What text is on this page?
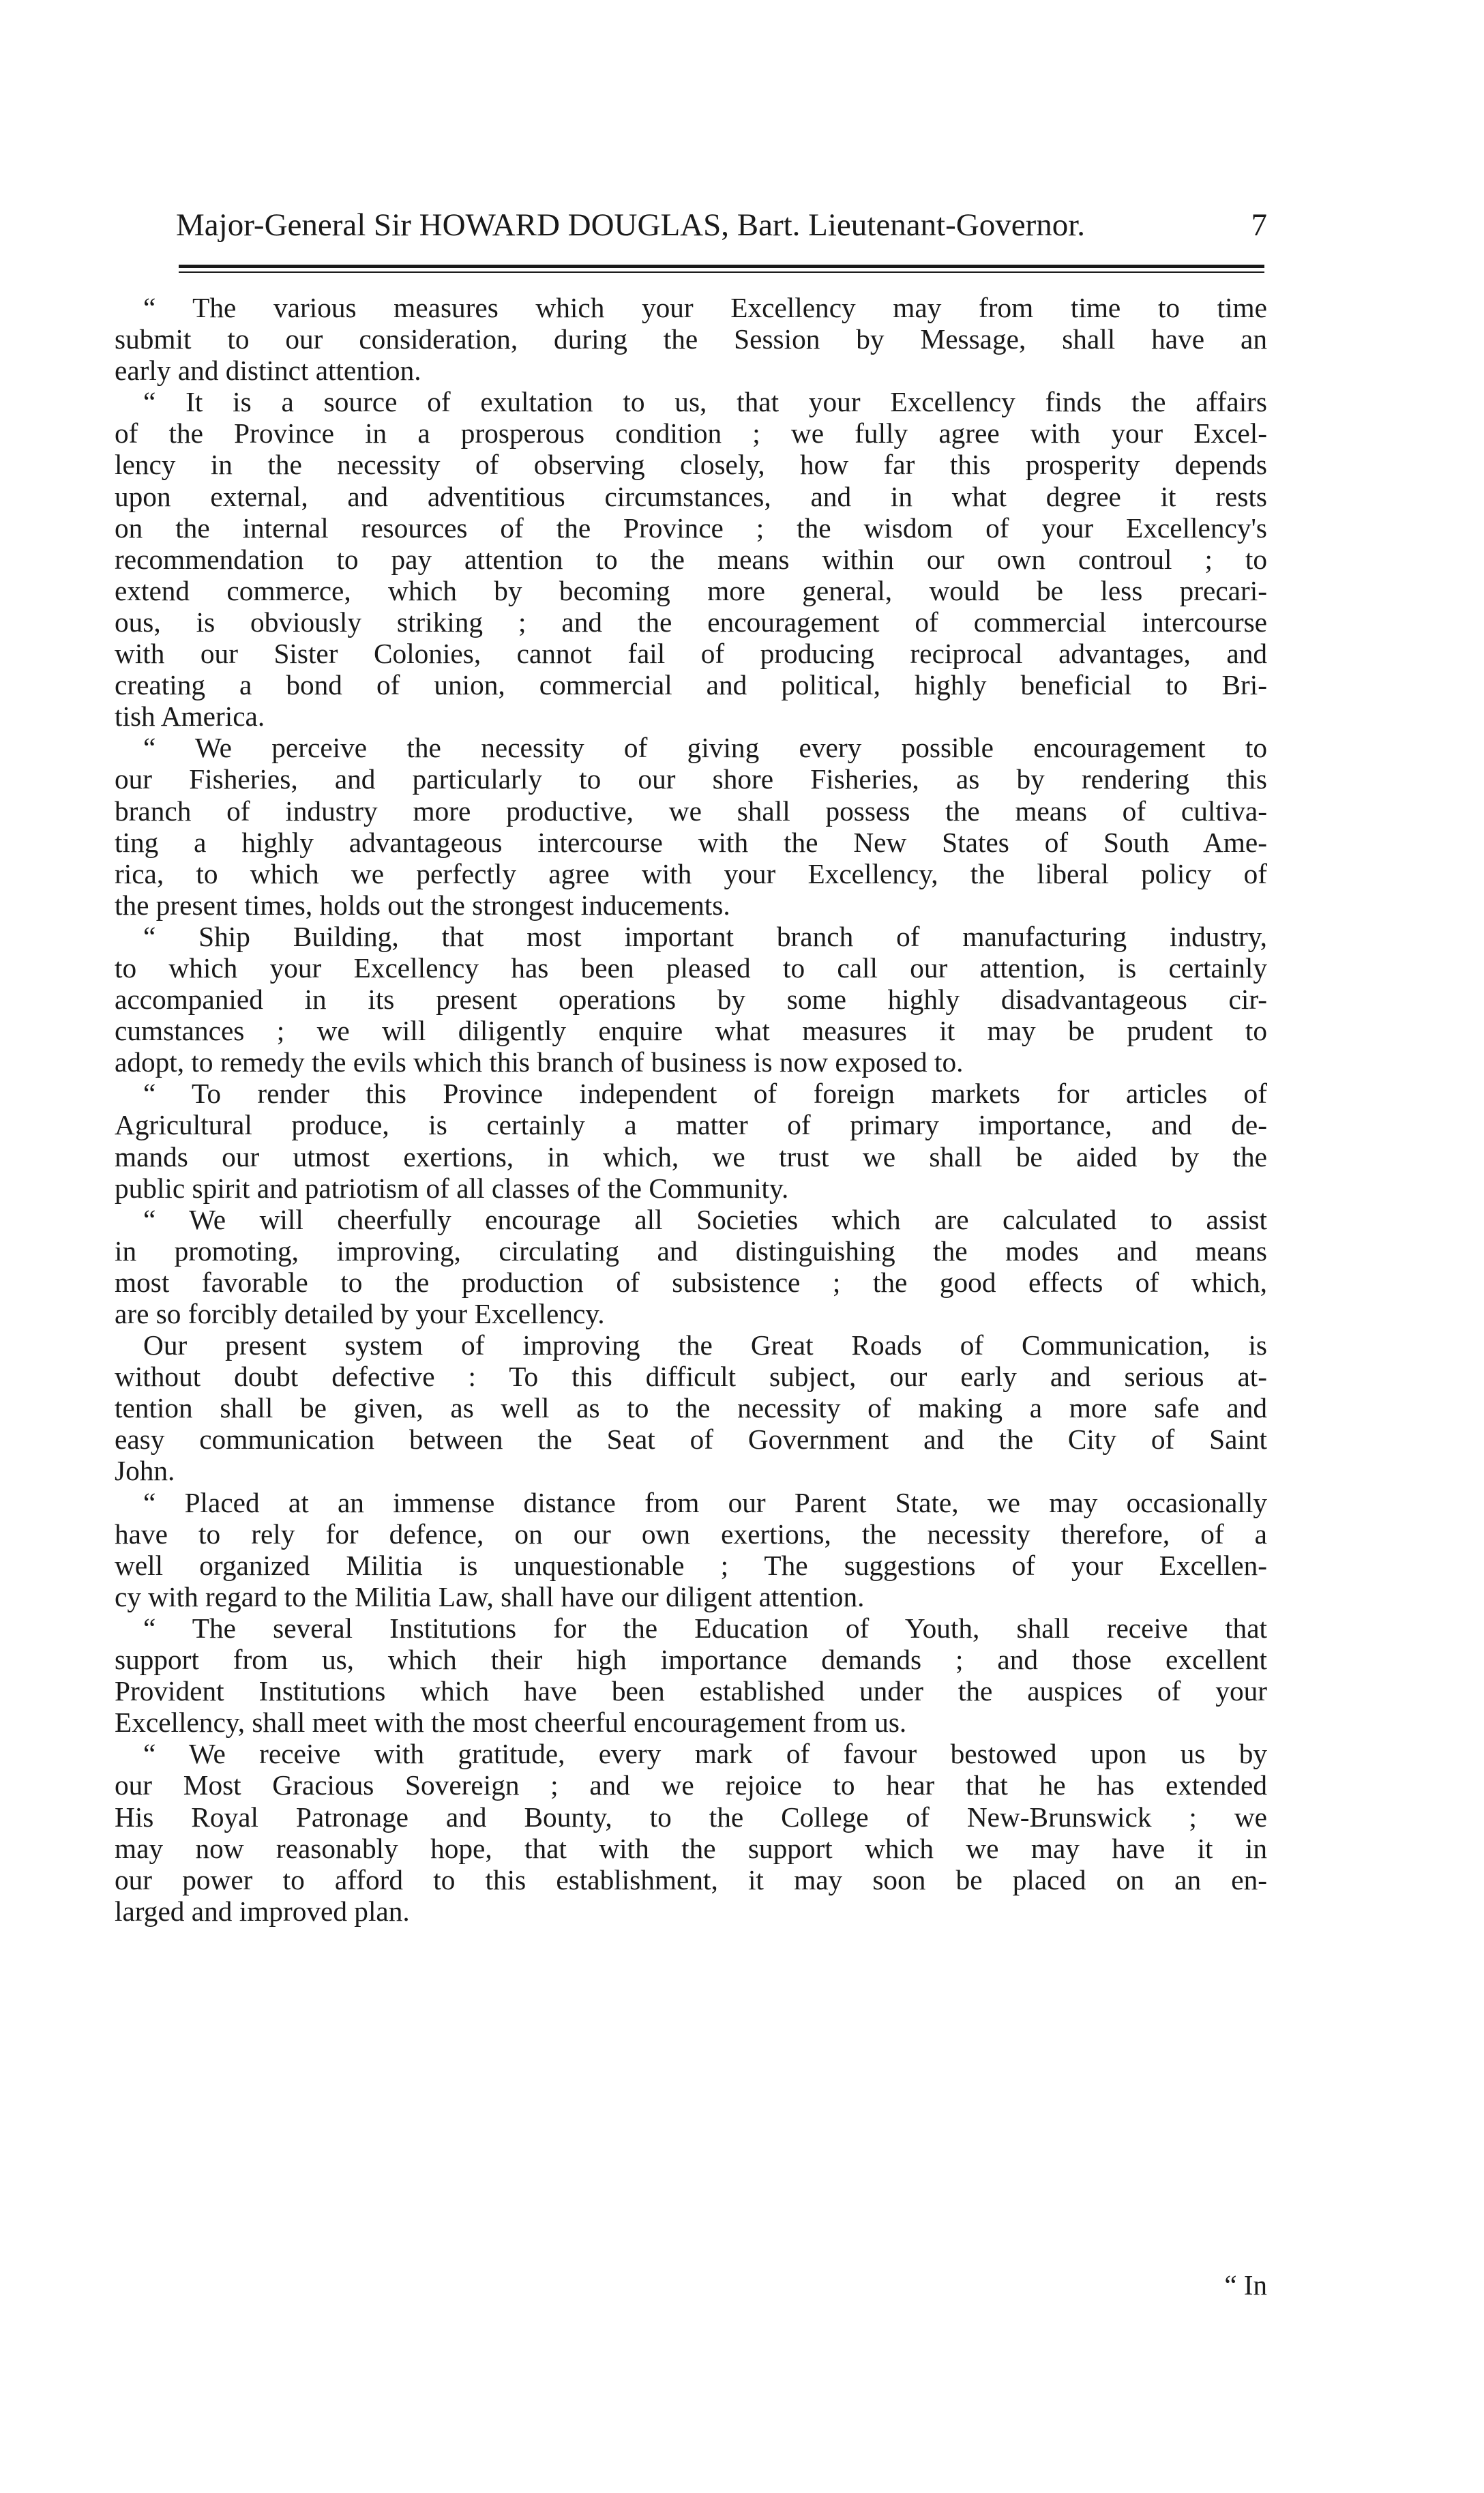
Major-General Sir HOWARD DOUGLAS, Bart. Lieutenant-Governor.	7
“ The various measures which your Excellency may from time to time
submit to our consideration, during the Session by Message, shall have an
early and distinct attention.
“ It is a source of exultation to us, that your Excellency finds the affairs
of the Province in a prosperous condition ; we fully agree with your Excel-
lency in the necessity of observing closely, how far this prosperity depends
upon external, and adventitious circumstances, and in what degree it rests
on the internal resources of the Province ; the wisdom of your Excellency's
recommendation to pay attention to the means within our own controul ; to
extend commerce, which by becoming more general, would be less precari-
ous, is obviously striking ; and the encouragement of commercial intercourse
with our Sister Colonies, cannot fail of producing reciprocal advantages, and
creating a bond of union, commercial and political, highly beneficial to Bri-
tish America.
“ We perceive the necessity of giving every possible encouragement to
our Fisheries, and particularly to our shore Fisheries, as by rendering this
branch of industry more productive, we shall possess the means of cultiva-
ting a highly advantageous intercourse with the New States of South Ame-
rica, to which we perfectly agree with your Excellency, the liberal policy of
the present times, holds out the strongest inducements.
“ Ship Building, that most important branch of manufacturing industry,
to which your Excellency has been pleased to call our attention, is certainly
accompanied in its present operations by some highly disadvantageous cir-
cumstances ; we will diligently enquire what measures it may be prudent to
adopt, to remedy the evils which this branch of business is now exposed to.
“ To render this Province independent of foreign markets for articles of
Agricultural produce, is certainly a matter of primary importance, and de-
mands our utmost exertions, in which, we trust we shall be aided by the
public spirit and patriotism of all classes of the Community.
“ We will cheerfully encourage all Societies which are calculated to assist
in promoting, improving, circulating and distinguishing the modes and means
most favorable to the production of subsistence ; the good effects of which,
are so forcibly detailed by your Excellency.
Our present system of improving the Great Roads of Communication, is
without doubt defective : To this difficult subject, our early and serious at-
tention shall be given, as well as to the necessity of making a more safe and
easy communication between the Seat of Government and the City of Saint
John.
“ Placed at an immense distance from our Parent State, we may occasionally
have to rely for defence, on our own exertions, the necessity therefore, of a
well organized Militia is unquestionable ; The suggestions of your Excellen-
cy with regard to the Militia Law, shall have our diligent attention.
“ The several Institutions for the Education of Youth, shall receive that
support from us, which their high importance demands ; and those excellent
Provident Institutions which have been established under the auspices of your
Excellency, shall meet with the most cheerful encouragement from us.
“ We receive with gratitude, every mark of favour bestowed upon us by
our Most Gracious Sovereign ; and we rejoice to hear that he has extended
His Royal Patronage and Bounty, to the College of New-Brunswick ; we
may now reasonably hope, that with the support which we may have it in
our power to afford to this establishment, it may soon be placed on an en-
larged and improved plan.
“ In
